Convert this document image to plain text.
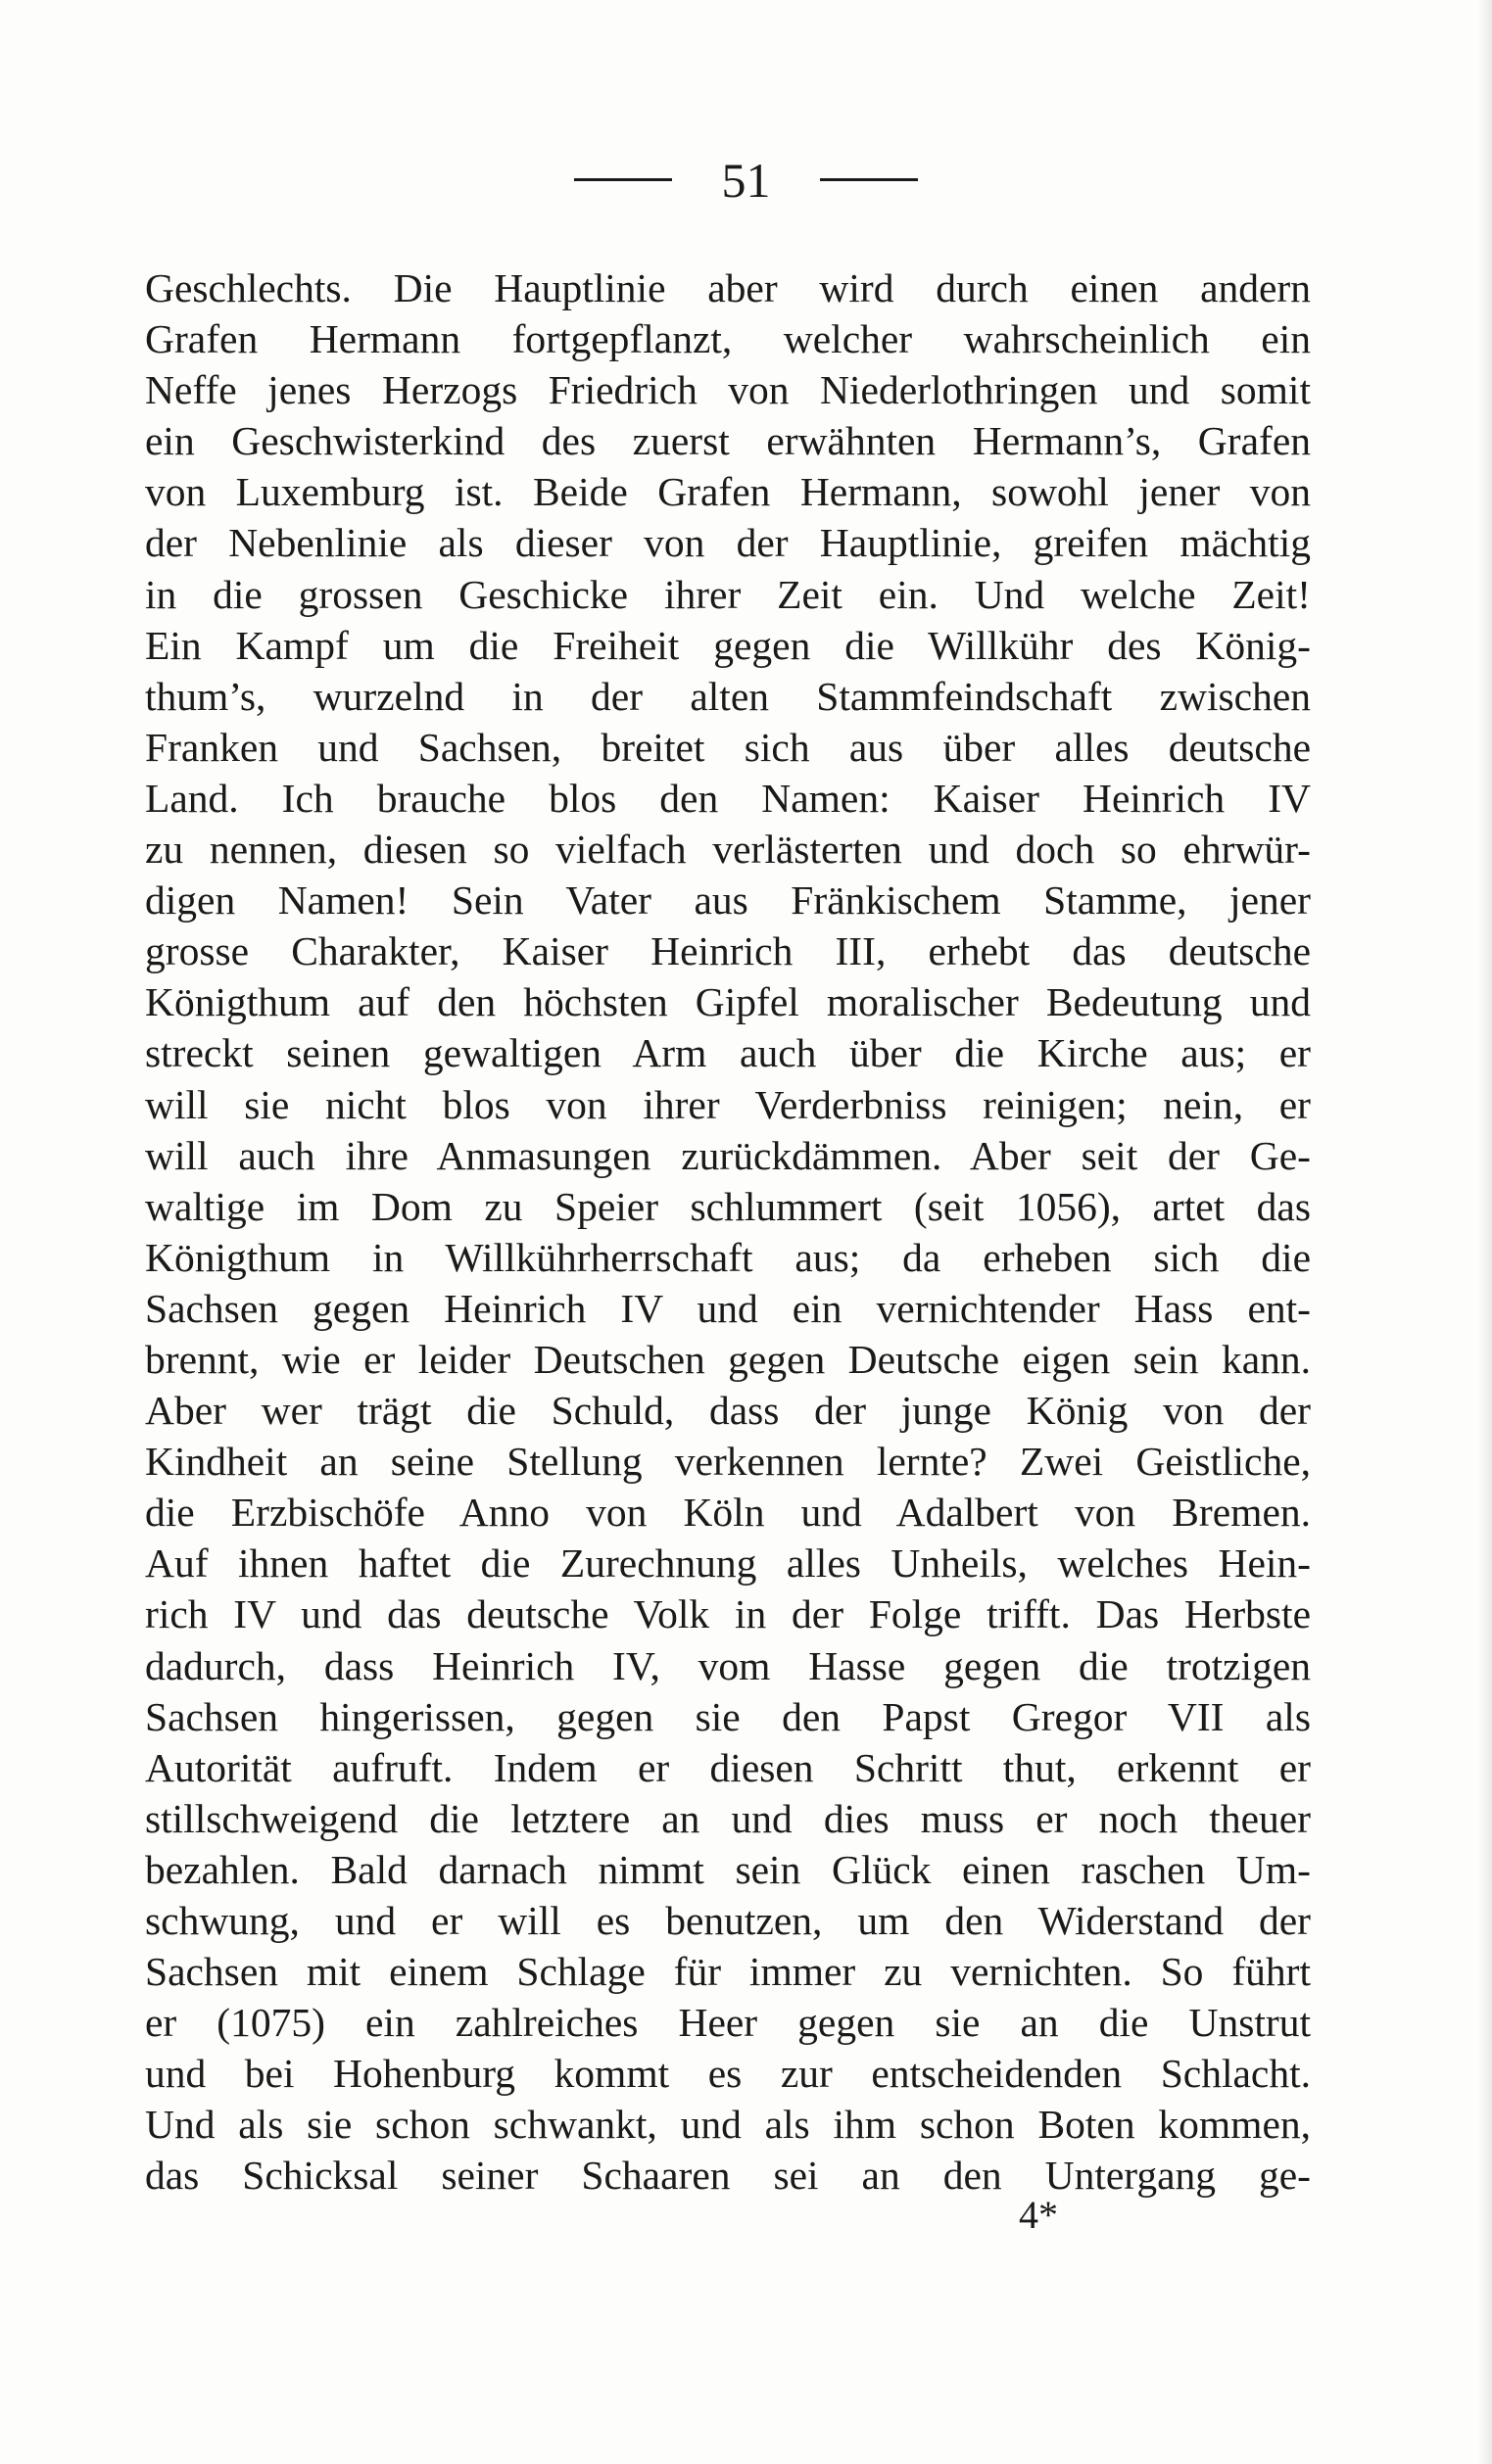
51
Geschlechts. Die Hauptlinie aber wird durch einen andern
Grafen Hermann fortgepflanzt, welcher wahrscheinlich ein
Neffe jenes Herzogs Friedrich von Niederlothringen und somit
ein Geschwisterkind des zuerst erwähnten Hermann’s, Grafen
von Luxemburg ist. Beide Grafen Hermann, sowohl jener von
der Nebenlinie als dieser von der Hauptlinie, greifen mächtig
in die grossen Geschicke ihrer Zeit ein. Und welche Zeit!
Ein Kampf um die Freiheit gegen die Willkühr des König-
thum’s, wurzelnd in der alten Stammfeindschaft zwischen
Franken und Sachsen, breitet sich aus über alles deutsche
Land. Ich brauche blos den Namen: Kaiser Heinrich IV
zu nennen, diesen so vielfach verlästerten und doch so ehrwür-
digen Namen! Sein Vater aus Fränkischem Stamme, jener
grosse Charakter, Kaiser Heinrich III, erhebt das deutsche
Königthum auf den höchsten Gipfel moralischer Bedeutung und
streckt seinen gewaltigen Arm auch über die Kirche aus; er
will sie nicht blos von ihrer Verderbniss reinigen; nein, er
will auch ihre Anmasungen zurückdämmen. Aber seit der Ge-
waltige im Dom zu Speier schlummert (seit 1056), artet das
Königthum in Willkührherrschaft aus; da erheben sich die
Sachsen gegen Heinrich IV und ein vernichtender Hass ent-
brennt, wie er leider Deutschen gegen Deutsche eigen sein kann.
Aber wer trägt die Schuld, dass der junge König von der
Kindheit an seine Stellung verkennen lernte? Zwei Geistliche,
die Erzbischöfe Anno von Köln und Adalbert von Bremen.
Auf ihnen haftet die Zurechnung alles Unheils, welches Hein-
rich IV und das deutsche Volk in der Folge trifft. Das Herbste
dadurch, dass Heinrich IV, vom Hasse gegen die trotzigen
Sachsen hingerissen, gegen sie den Papst Gregor VII als
Autorität aufruft. Indem er diesen Schritt thut, erkennt er
stillschweigend die letztere an und dies muss er noch theuer
bezahlen. Bald darnach nimmt sein Glück einen raschen Um-
schwung, und er will es benutzen, um den Widerstand der
Sachsen mit einem Schlage für immer zu vernichten. So führt
er (1075) ein zahlreiches Heer gegen sie an die Unstrut
und bei Hohenburg kommt es zur entscheidenden Schlacht.
Und als sie schon schwankt, und als ihm schon Boten kommen,
das Schicksal seiner Schaaren sei an den Untergang ge-
4*
